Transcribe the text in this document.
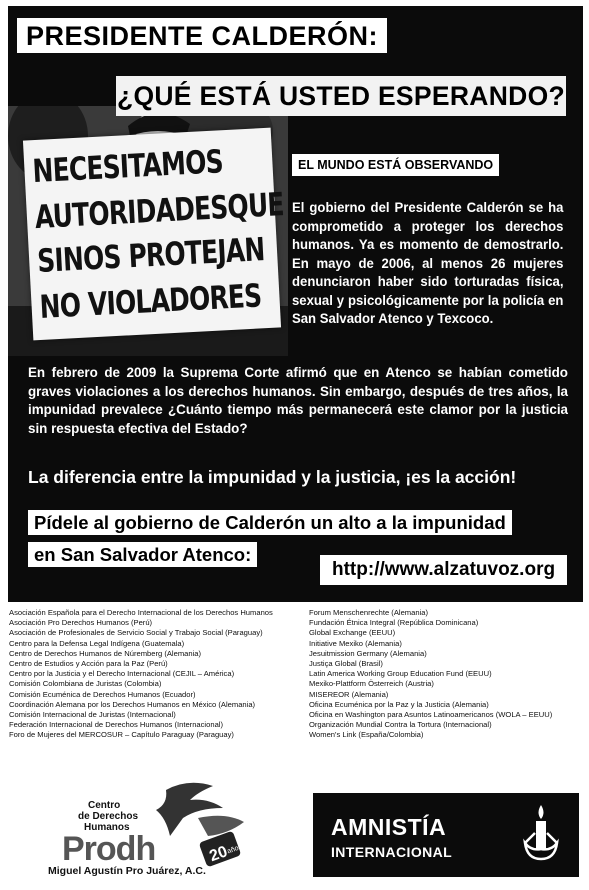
NECESITAMOS
AUTORIDADESQUE
SINOS PROTEJAN
NO VIOLADORES
PRESIDENTE CALDERÓN:
¿QUÉ ESTÁ USTED ESPERANDO?
EL MUNDO ESTÁ OBSERVANDO
El gobierno del Presidente Calderón se ha comprometido a proteger los derechos humanos. Ya es momento de demostrarlo. En mayo de 2006, al menos 26 mujeres denunciaron haber sido torturadas física, sexual y psicológicamente por la policía en San Salvador Atenco y Texcoco.
En febrero de 2009 la Suprema Corte afirmó que en Atenco se habían cometido graves violaciones a los derechos humanos. Sin embargo, después de tres años, la impunidad prevalece ¿Cuánto tiempo más permanecerá este clamor por la justicia sin respuesta efectiva del Estado?
La diferencia entre la impunidad y la justicia, ¡es la acción!
Pídele al gobierno de Calderón un alto a la impunidad
en San Salvador Atenco:
http://www.alzatuvoz.org
Asociación Española para el Derecho Internacional de los Derechos Humanos
Asociación Pro Derechos Humanos (Perú)
Asociación de Profesionales de Servicio Social y Trabajo Social (Paraguay)
Centro para la Defensa Legal Indígena (Guatemala)
Centro de Derechos Humanos de Núremberg (Alemania)
Centro de Estudios y Acción para la Paz (Perú)
Centro por la Justicia y el Derecho Internacional (CEJIL – América)
Comisión Colombiana de Juristas (Colombia)
Comisión Ecuménica de Derechos Humanos (Ecuador)
Coordinación Alemana por los Derechos Humanos en México (Alemania)
Comisión Internacional de Juristas (Internacional)
Federación Internacional de Derechos Humanos (Internacional)
Foro de Mujeres del MERCOSUR – Capítulo Paraguay (Paraguay)
Forum Menschenrechte (Alemania)
Fundación Étnica Integral (República Dominicana)
Global Exchange (EEUU)
Initiative Mexiko (Alemania)
Jesuitmission Germany (Alemania)
Justiça Global (Brasil)
Latin America Working Group Education Fund (EEUU)
Mexiko-Plattform Österreich (Austria)
MISEREOR (Alemania)
Oficina Ecuménica por la Paz y la Justicia (Alemania)
Oficina en Washington para Asuntos Latinoamericanos (WOLA – EEUU)
Organización Mundial Contra la Tortura (Internacional)
Women's Link (España/Colombia)
20
años
Centro
de Derechos
Humanos
Prodh
Miguel Agustín Pro Juárez, A.C.
AMNISTÍA
INTERNACIONAL
